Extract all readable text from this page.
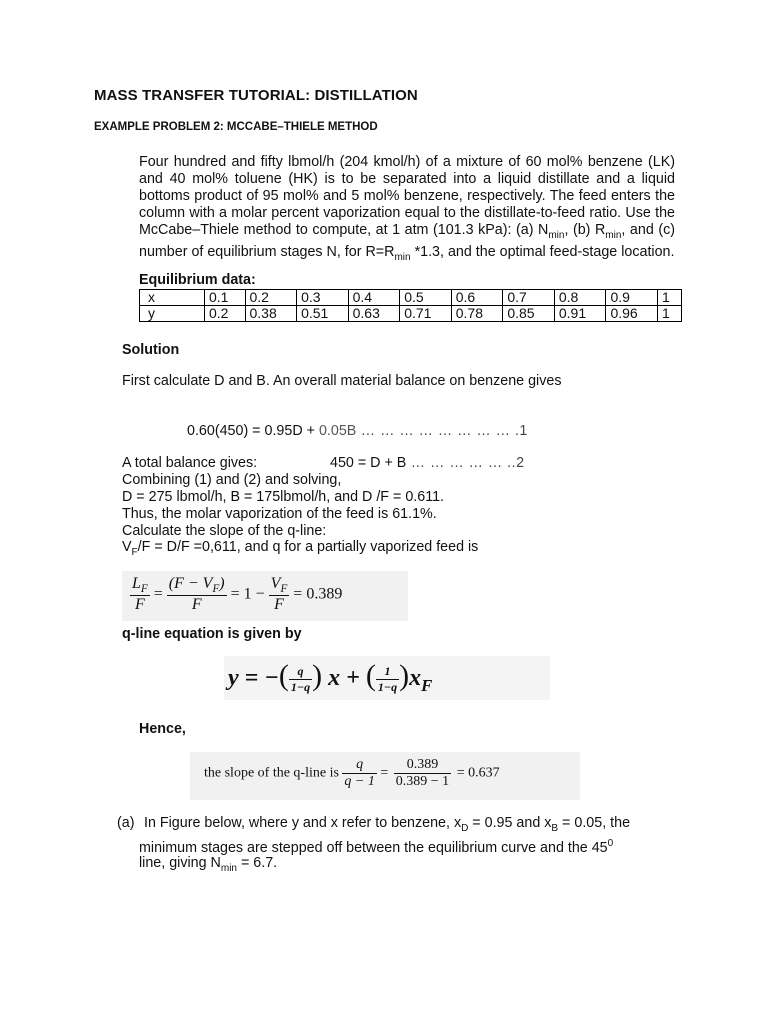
MASS TRANSFER TUTORIAL: DISTILLATION
EXAMPLE PROBLEM 2: MCCABE–THIELE METHOD
Four hundred and fifty lbmol/h (204 kmol/h) of a mixture of 60 mol% benzene (LK) and 40 mol% toluene (HK) is to be separated into a liquid distillate and a liquid bottoms product of 95 mol% and 5 mol% benzene, respectively. The feed enters the column with a molar percent vaporization equal to the distillate-to-feed ratio. Use the McCabe–Thiele method to compute, at 1 atm (101.3 kPa): (a) $N_{min}$, (b) $R_{min}$, and (c) number of equilibrium stages N, for $R=R_{min}$ *1.3, and the optimal feed-stage location.
Equilibrium data:
x	0.1	0.2	0.3	0.4	0.5	0.6	0.7	0.8	0.9	1
y	0.2	0.38	0.51	0.63	0.71	0.78	0.85	0.91	0.96	1
Solution
First calculate D and B. An overall material balance on benzene gives
0.60(450) = 0.95D + 0.05B … … … … … … … … .1
A total balance gives:	450 = D + B … … … … … ..2
Combining (1) and (2) and solving,
D = 275 lbmol/h, B = 175lbmol/h, and D /F = 0.611.
Thus, the molar vaporization of the feed is 61.1%.
Calculate the slope of the q-line:
$V_F/F = D/F =0,611$, and q for a partially vaporized feed is
$\frac{L_F}{F} = \frac{(F - V_F)}{F} = 1 - \frac{V_F}{F} = 0.389$
q-line equation is given by
y = −( $\frac{q}{1-q}$ ) x + ( $\frac{1}{1-q} )x_F$
Hence,
the slope of the q-line is $\frac{q}{q - 1} = \frac{0.389}{0.389 - 1} = 0.637$
(a) In Figure below, where y and x refer to benzene, $x_D = 0.95$ and $x_B = 0.05$, the
minimum stages are stepped off between the equilibrium curve and the $45^0$
line, giving $N_{min} = 6.7$.
